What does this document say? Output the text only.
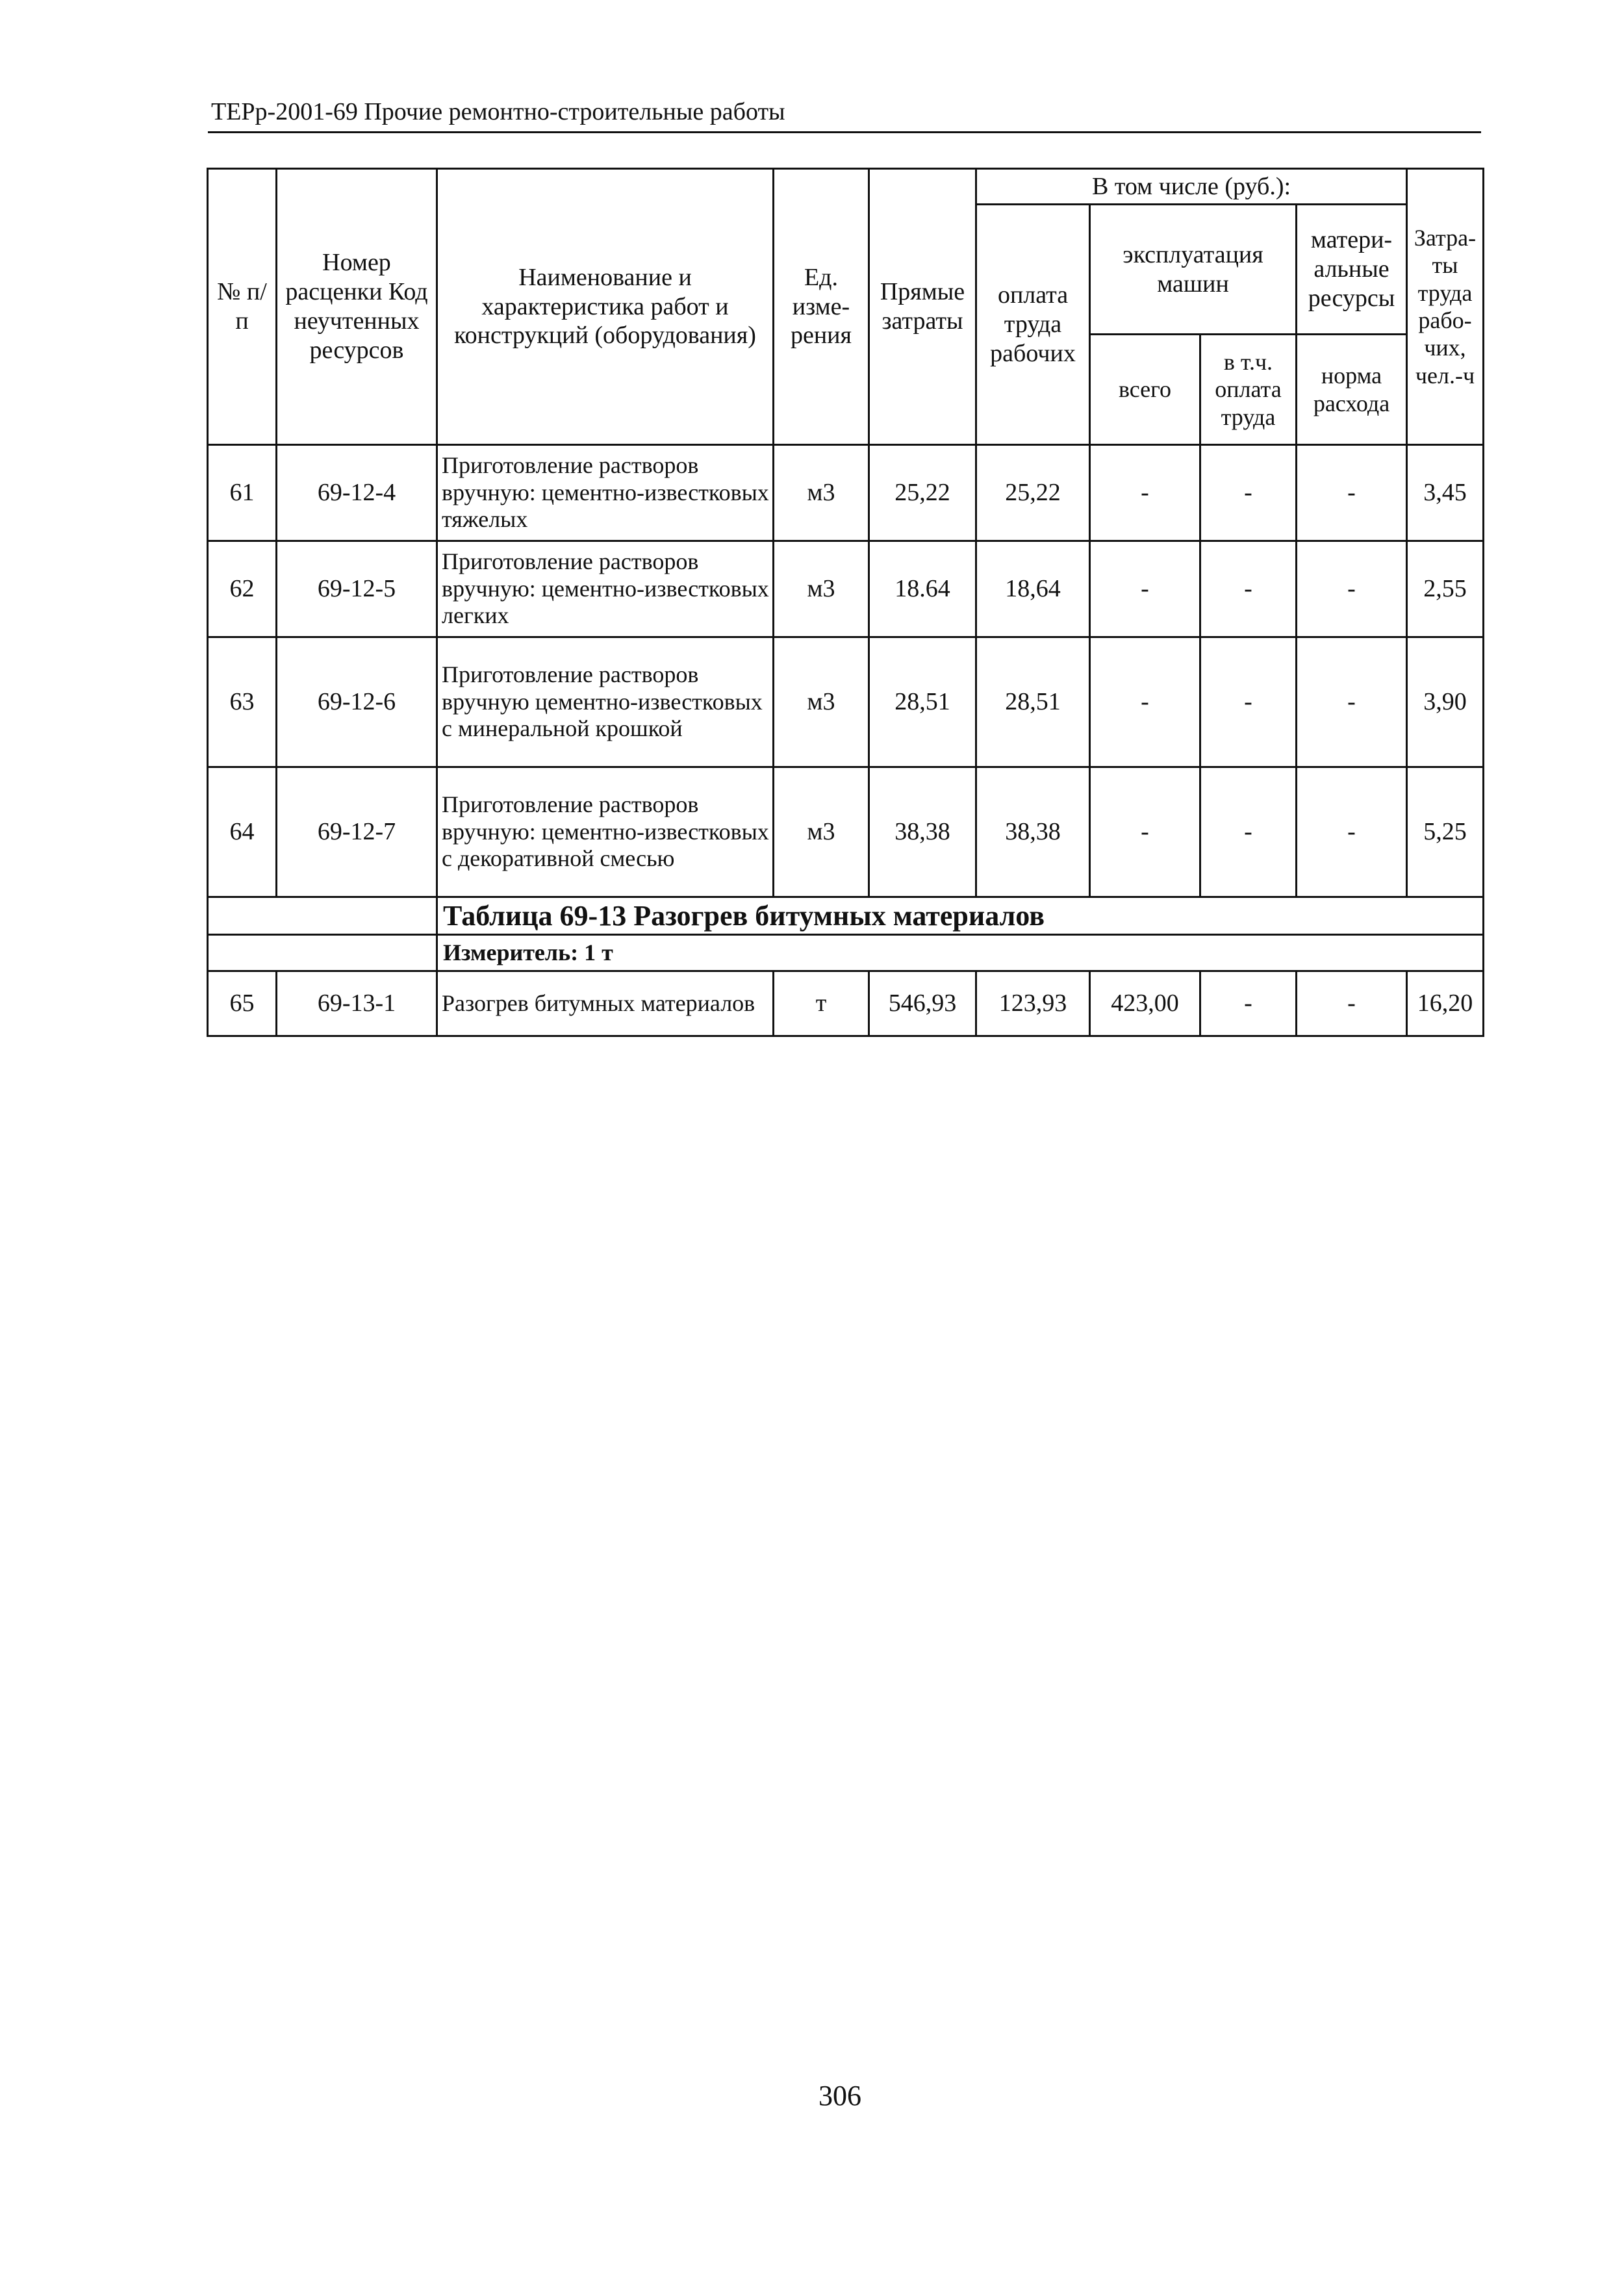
ТЕРр-2001-69 Прочие ремонтно-строительные работы
№ п/п	Номер расценки Код неучтенных ресурсов	Наименование и характеристика работ и конструкций (оборудования)	Ед. изме-рения	Прямые затраты	В том числе (руб.):				Затра-ты труда рабо-чих, чел.-ч
					оплата труда рабочих	эксплуатация машин		матери-альные ресурсы	
						всего	в т.ч. оплата труда	норма расхода	
61	69-12-4	Приготовление растворов вручную: цементно-известковых тяжелых	м3	25,22	25,22	-	-	-	3,45
62	69-12-5	Приготовление растворов вручную: цементно-известковых легких	м3	18.64	18,64	-	-	-	2,55
63	69-12-6	Приготовление растворов вручную цементно-известковых с минеральной крошкой	м3	28,51	28,51	-	-	-	3,90
64	69-12-7	Приготовление растворов вручную: цементно-известковых с декоративной смесью	м3	38,38	38,38	-	-	-	5,25
		Таблица 69-13 Разогрев битумных материалов							
		Измеритель: 1 т							
65	69-13-1	Разогрев битумных материалов	т	546,93	123,93	423,00	-	-	16,20
306
